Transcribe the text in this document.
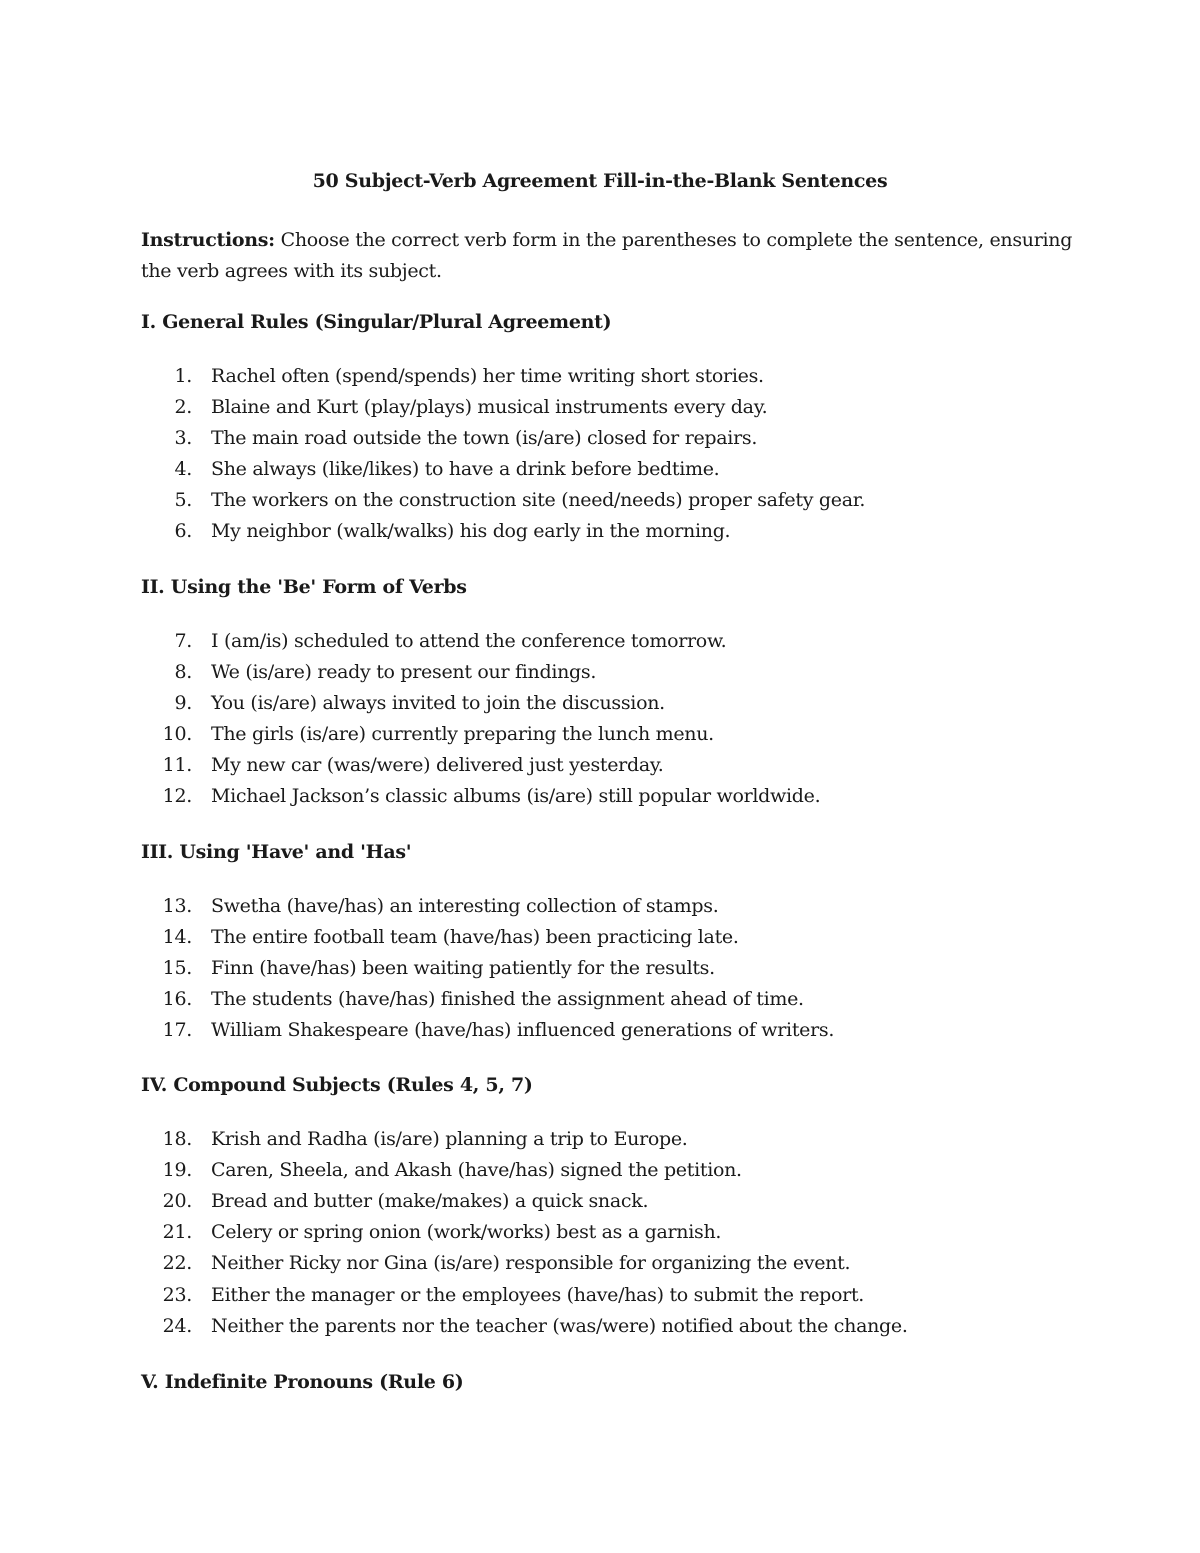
50 Subject-Verb Agreement Fill-in-the-Blank Sentences
Instructions: Choose the correct verb form in the parentheses to complete the sentence, ensuring the verb agrees with its subject.
I. General Rules (Singular/Plural Agreement)
1. Rachel often (spend/spends) her time writing short stories.
2. Blaine and Kurt (play/plays) musical instruments every day.
3. The main road outside the town (is/are) closed for repairs.
4. She always (like/likes) to have a drink before bedtime.
5. The workers on the construction site (need/needs) proper safety gear.
6. My neighbor (walk/walks) his dog early in the morning.
II. Using the 'Be' Form of Verbs
7. I (am/is) scheduled to attend the conference tomorrow.
8. We (is/are) ready to present our findings.
9. You (is/are) always invited to join the discussion.
10. The girls (is/are) currently preparing the lunch menu.
11. My new car (was/were) delivered just yesterday.
12. Michael Jackson’s classic albums (is/are) still popular worldwide.
III. Using 'Have' and 'Has'
13. Swetha (have/has) an interesting collection of stamps.
14. The entire football team (have/has) been practicing late.
15. Finn (have/has) been waiting patiently for the results.
16. The students (have/has) finished the assignment ahead of time.
17. William Shakespeare (have/has) influenced generations of writers.
IV. Compound Subjects (Rules 4, 5, 7)
18. Krish and Radha (is/are) planning a trip to Europe.
19. Caren, Sheela, and Akash (have/has) signed the petition.
20. Bread and butter (make/makes) a quick snack.
21. Celery or spring onion (work/works) best as a garnish.
22. Neither Ricky nor Gina (is/are) responsible for organizing the event.
23. Either the manager or the employees (have/has) to submit the report.
24. Neither the parents nor the teacher (was/were) notified about the change.
V. Indefinite Pronouns (Rule 6)
